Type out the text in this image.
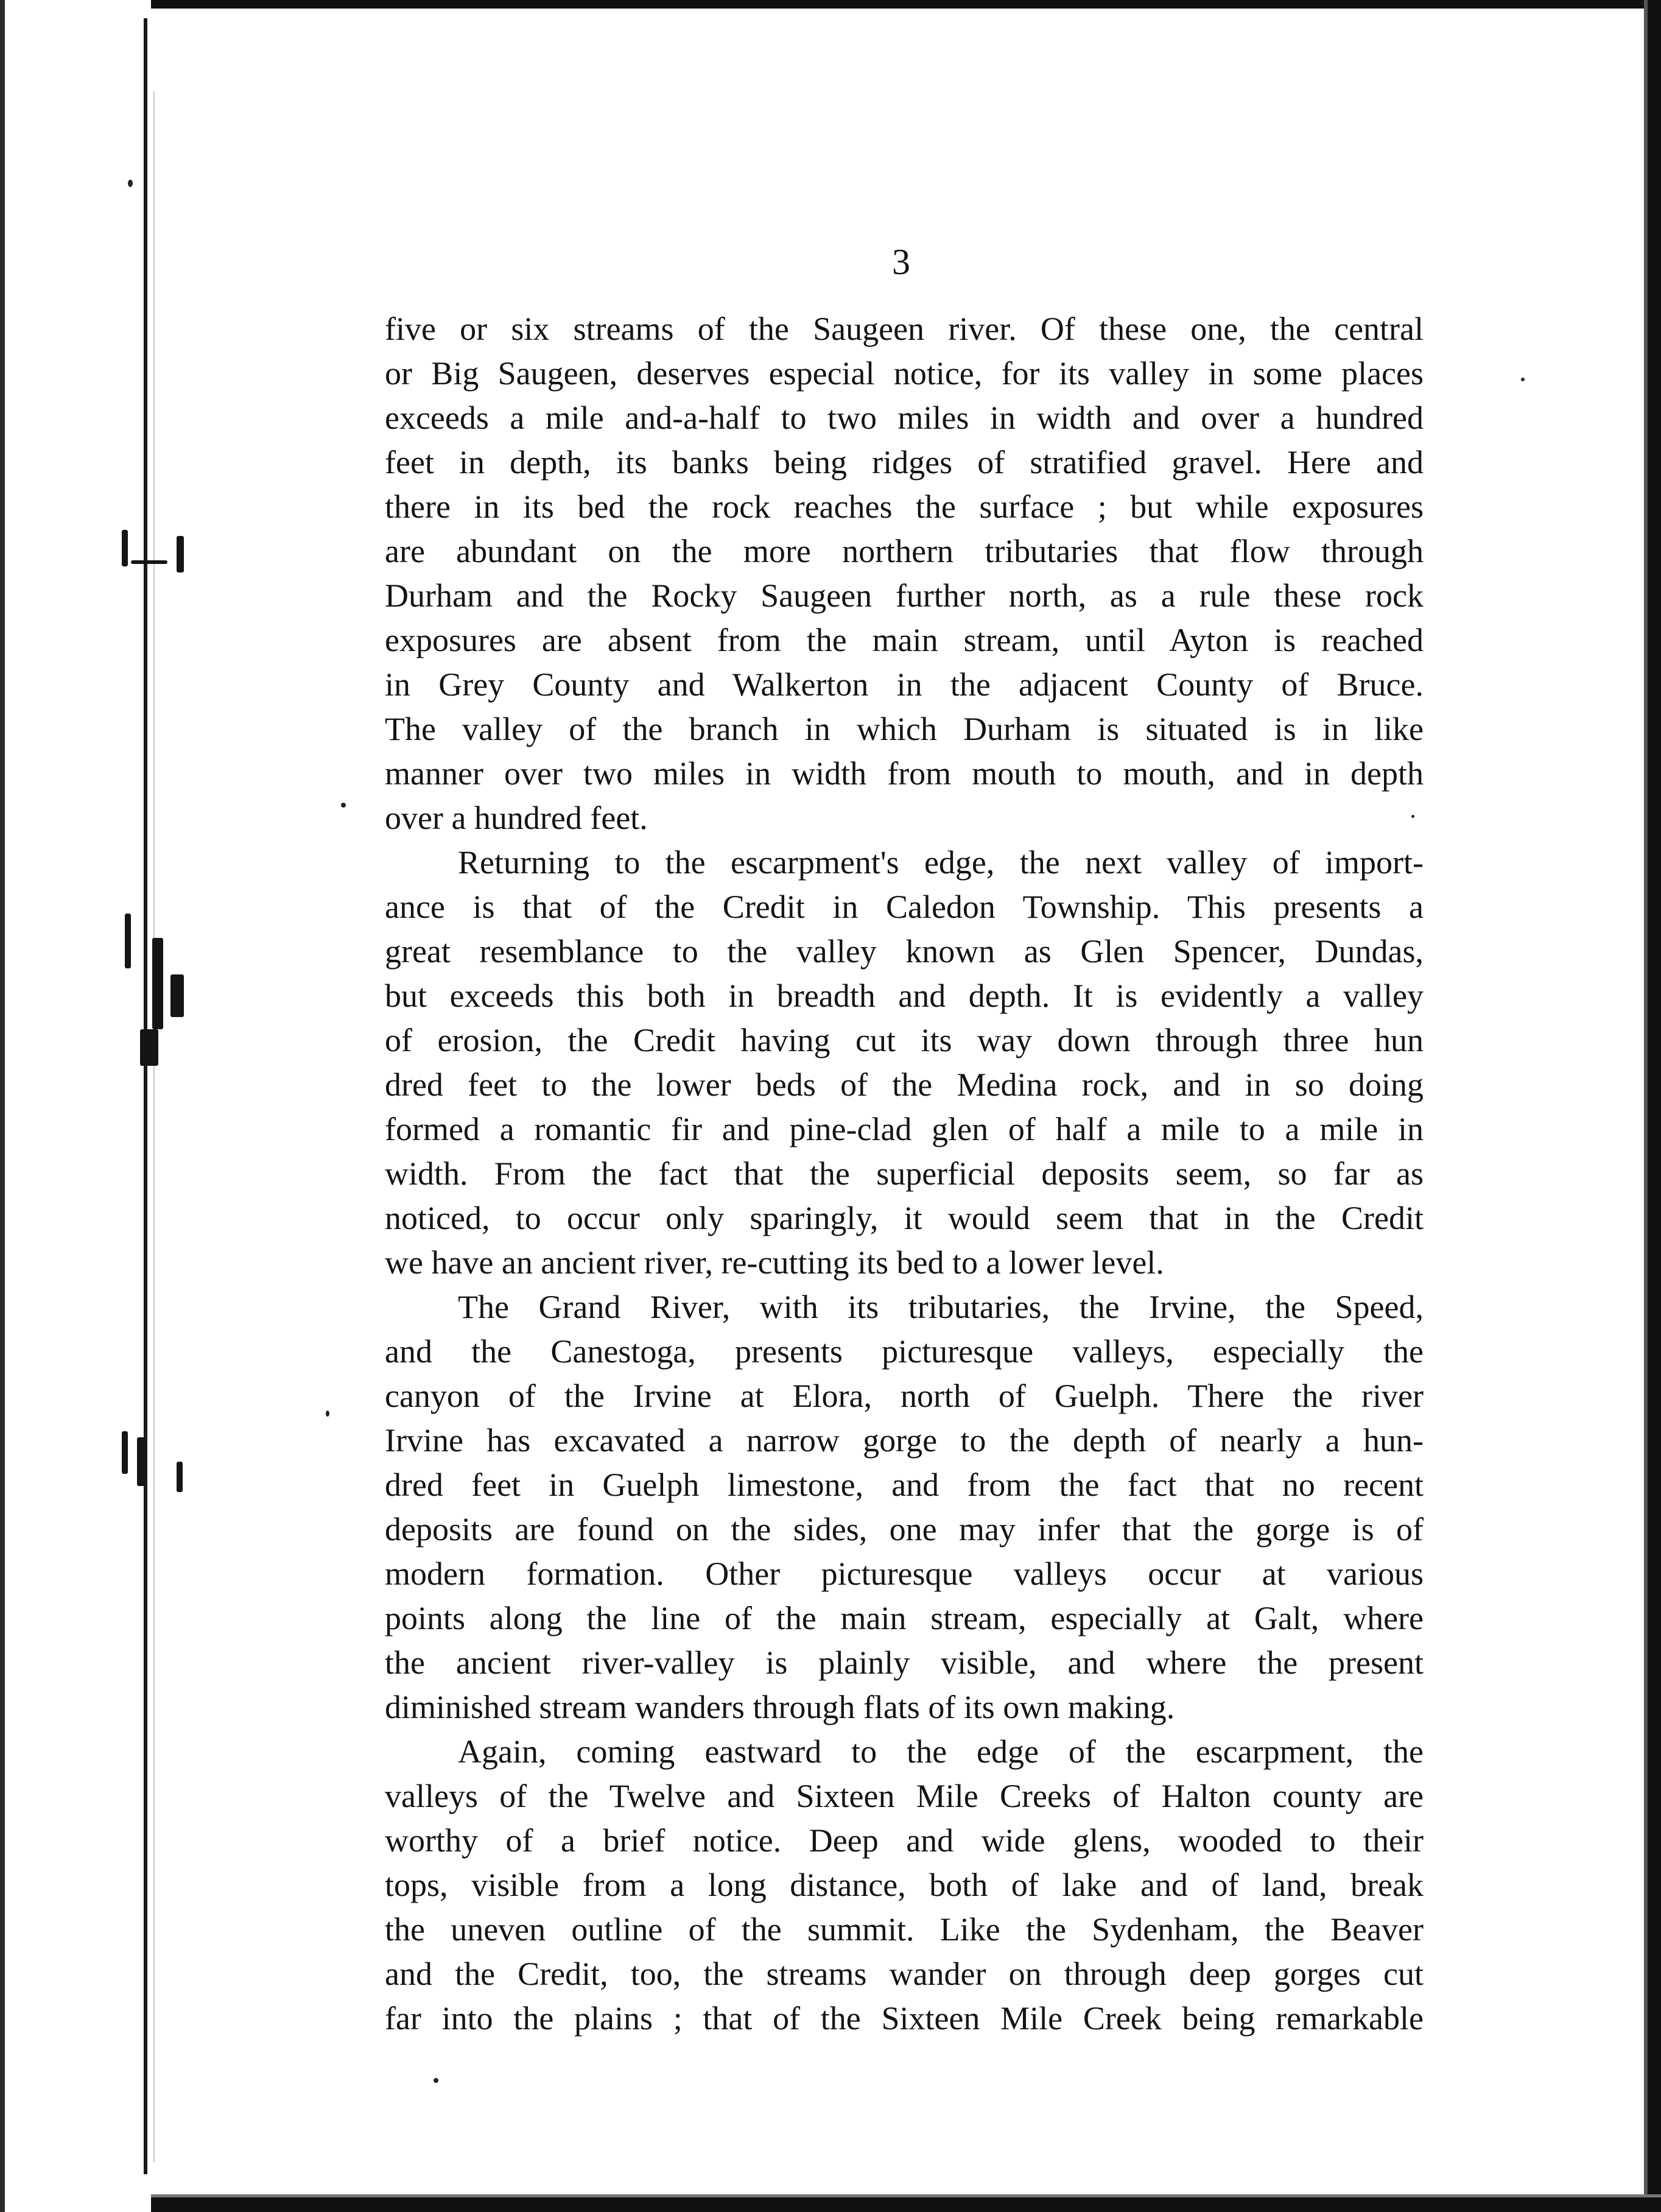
3
five or six streams of the Saugeen river. Of these one, the central
or Big Saugeen, deserves especial notice, for its valley in some places
exceeds a mile and-a-half to two miles in width and over a hundred
feet in depth, its banks being ridges of stratified gravel. Here and
there in its bed the rock reaches the surface ; but while exposures
are abundant on the more northern tributaries that flow through
Durham and the Rocky Saugeen further north, as a rule these rock
exposures are absent from the main stream, until Ayton is reached
in Grey County and Walkerton in the adjacent County of Bruce.
The valley of the branch in which Durham is situated is in like
manner over two miles in width from mouth to mouth, and in depth
over a hundred feet.
Returning to the escarpment's edge, the next valley of import-
ance is that of the Credit in Caledon Township. This presents a
great resemblance to the valley known as Glen Spencer, Dundas,
but exceeds this both in breadth and depth. It is evidently a valley
of erosion, the Credit having cut its way down through three hun
dred feet to the lower beds of the Medina rock, and in so doing
formed a romantic fir and pine-clad glen of half a mile to a mile in
width. From the fact that the superficial deposits seem, so far as
noticed, to occur only sparingly, it would seem that in the Credit
we have an ancient river, re-cutting its bed to a lower level.
The Grand River, with its tributaries, the Irvine, the Speed,
and the Canestoga, presents picturesque valleys, especially the
canyon of the Irvine at Elora, north of Guelph. There the river
Irvine has excavated a narrow gorge to the depth of nearly a hun-
dred feet in Guelph limestone, and from the fact that no recent
deposits are found on the sides, one may infer that the gorge is of
modern formation. Other picturesque valleys occur at various
points along the line of the main stream, especially at Galt, where
the ancient river-valley is plainly visible, and where the present
diminished stream wanders through flats of its own making.
Again, coming eastward to the edge of the escarpment, the
valleys of the Twelve and Sixteen Mile Creeks of Halton county are
worthy of a brief notice. Deep and wide glens, wooded to their
tops, visible from a long distance, both of lake and of land, break
the uneven outline of the summit. Like the Sydenham, the Beaver
and the Credit, too, the streams wander on through deep gorges cut
far into the plains ; that of the Sixteen Mile Creek being remarkable
